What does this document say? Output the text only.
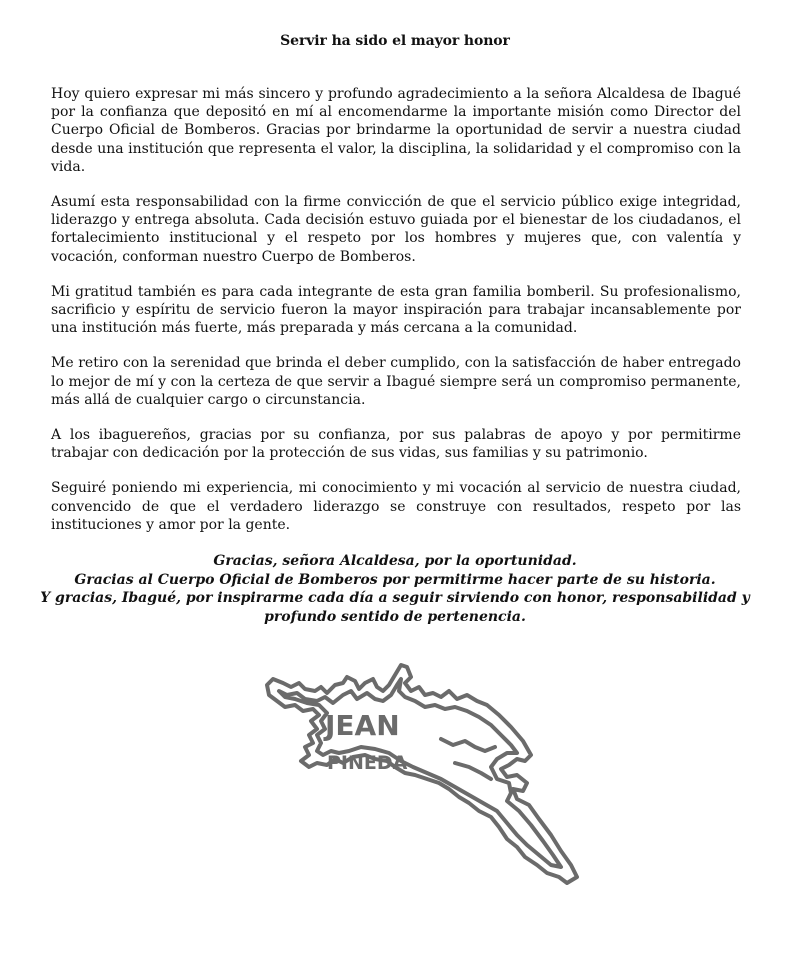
Servir ha sido el mayor honor

Hoy quiero expresar mi más sincero y profundo agradecimiento a la señora Alcaldesa de Ibagué por la confianza que depositó en mí al encomendarme la importante misión como Director del Cuerpo Oficial de Bomberos. Gracias por brindarme la oportunidad de servir a nuestra ciudad desde una institución que representa el valor, la disciplina, la solidaridad y el compromiso con la vida.

Asumí esta responsabilidad con la firme convicción de que el servicio público exige integridad, liderazgo y entrega absoluta. Cada decisión estuvo guiada por el bienestar de los ciudadanos, el fortalecimiento institucional y el respeto por los hombres y mujeres que, con valentía y vocación, conforman nuestro Cuerpo de Bomberos.

Mi gratitud también es para cada integrante de esta gran familia bomberil. Su profesionalismo, sacrificio y espíritu de servicio fueron la mayor inspiración para trabajar incansablemente por una institución más fuerte, más preparada y más cercana a la comunidad.

Me retiro con la serenidad que brinda el deber cumplido, con la satisfacción de haber entregado lo mejor de mí y con la certeza de que servir a Ibagué siempre será un compromiso permanente, más allá de cualquier cargo o circunstancia.

A los ibaguereños, gracias por su confianza, por sus palabras de apoyo y por permitirme trabajar con dedicación por la protección de sus vidas, sus familias y su patrimonio.

Seguiré poniendo mi experiencia, mi conocimiento y mi vocación al servicio de nuestra ciudad, convencido de que el verdadero liderazgo se construye con resultados, respeto por las instituciones y amor por la gente.

Gracias, señora Alcaldesa, por la oportunidad.
Gracias al Cuerpo Oficial de Bomberos por permitirme hacer parte de su historia.
Y gracias, Ibagué, por inspirarme cada día a seguir sirviendo con honor, responsabilidad y profundo sentido de pertenencia.
JEAN
PINEDA
